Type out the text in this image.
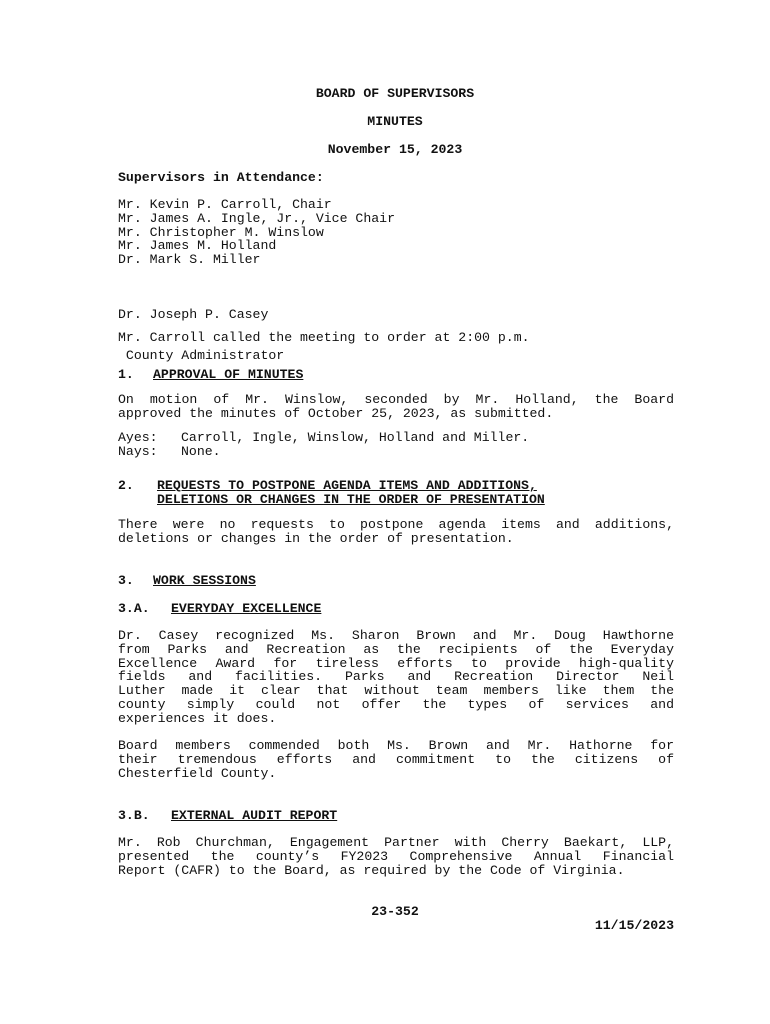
BOARD OF SUPERVISORS
MINUTES
November 15, 2023
Supervisors in Attendance:
Mr. Kevin P. Carroll, Chair
Mr. James A. Ingle, Jr., Vice Chair
Mr. Christopher M. Winslow
Mr. James M. Holland
Dr. Mark S. Miller

Dr. Joseph P. Casey

County Administrator

Mr. Carroll called the meeting to order at 2:00 p.m.
1. APPROVAL OF MINUTES
On motion of Mr. Winslow, seconded by Mr. Holland, the Board
approved the minutes of October 25, 2023, as submitted.
Ayes: Carroll, Ingle, Winslow, Holland and Miller.
Nays: None.
2. REQUESTS TO POSTPONE AGENDA ITEMS AND ADDITIONS,
DELETIONS OR CHANGES IN THE ORDER OF PRESENTATION
There were no requests to postpone agenda items and additions,
deletions or changes in the order of presentation.
3. WORK SESSIONS
3.A. EVERYDAY EXCELLENCE
Dr. Casey recognized Ms. Sharon Brown and Mr. Doug Hawthorne
from Parks and Recreation as the recipients of the Everyday
Excellence Award for tireless efforts to provide high-quality
fields and facilities. Parks and Recreation Director Neil
Luther made it clear that without team members like them the
county simply could not offer the types of services and
experiences it does.
Board members commended both Ms. Brown and Mr. Hathorne for
their tremendous efforts and commitment to the citizens of
Chesterfield County.
3.B. EXTERNAL AUDIT REPORT
Mr. Rob Churchman, Engagement Partner with Cherry Baekart, LLP,
presented the county’s FY2023 Comprehensive Annual Financial
Report (CAFR) to the Board, as required by the Code of Virginia.
23-352
11/15/2023
